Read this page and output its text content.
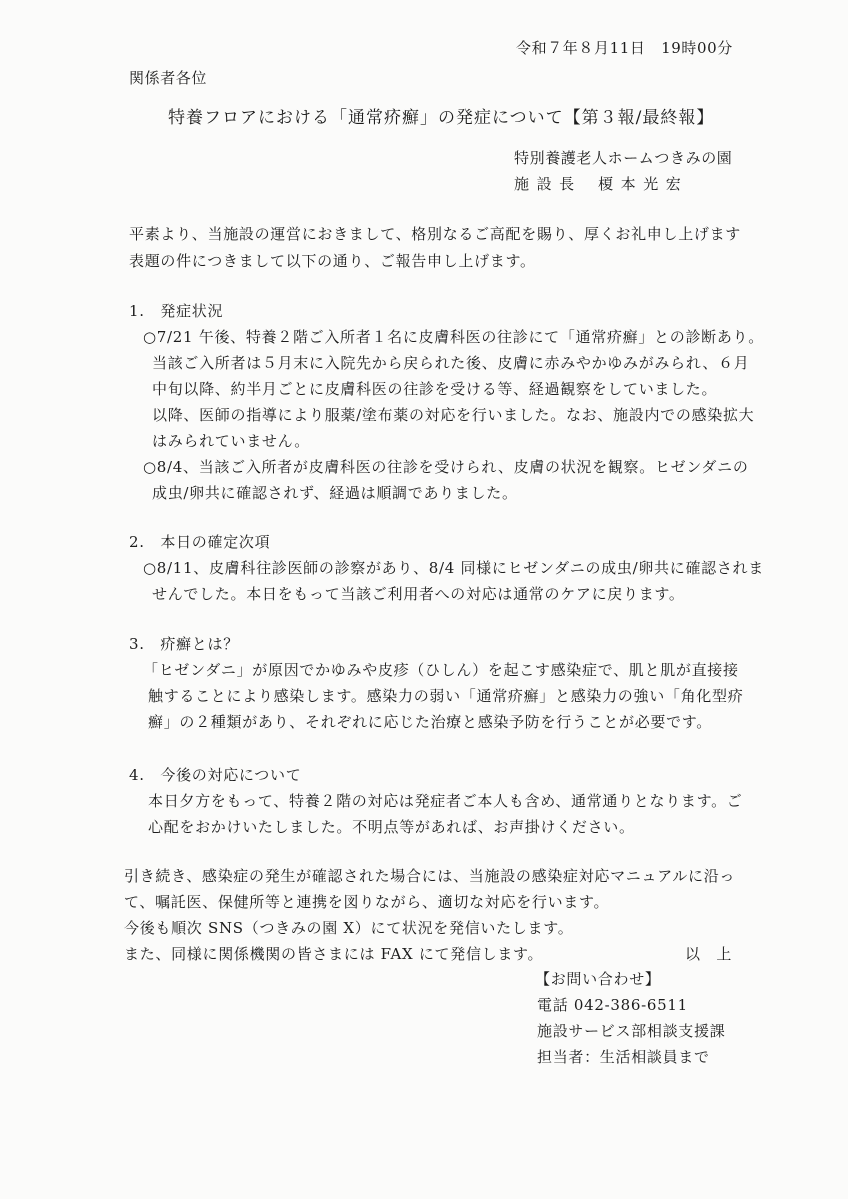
令和７年８月11日　19時00分
関係者各位
特養フロアにおける「通常疥癬」の発症について【第３報/最終報】
特別養護老人ホームつきみの園
施 設 長　 榎 本 光 宏
平素より、当施設の運営におきまして、格別なるご高配を賜り、厚くお礼申し上げます
表題の件につきまして以下の通り、ご報告申し上げます。
1.　発症状況
○7/21 午後、特養２階ご入所者１名に皮膚科医の往診にて「通常疥癬」との診断あり。
当該ご入所者は５月末に入院先から戻られた後、皮膚に赤みやかゆみがみられ、６月
中旬以降、約半月ごとに皮膚科医の往診を受ける等、経過観察をしていました。
以降、医師の指導により服薬/塗布薬の対応を行いました。なお、施設内での感染拡大
はみられていません。
○8/4、当該ご入所者が皮膚科医の往診を受けられ、皮膚の状況を観察。ヒゼンダニの
成虫/卵共に確認されず、経過は順調でありました。
2.　本日の確定次項
○8/11、皮膚科往診医師の診察があり、8/4 同様にヒゼンダニの成虫/卵共に確認されま
せんでした。本日をもって当該ご利用者への対応は通常のケアに戻ります。
3.　疥癬とは？
「ヒゼンダニ」が原因でかゆみや皮疹（ひしん）を起こす感染症で、肌と肌が直接接
触することにより感染します。感染力の弱い「通常疥癬」と感染力の強い「角化型疥
癬」の２種類があり、それぞれに応じた治療と感染予防を行うことが必要です。
4.　今後の対応について
本日夕方をもって、特養２階の対応は発症者ご本人も含め、通常通りとなります。ご
心配をおかけいたしました。不明点等があれば、お声掛けください。
引き続き、感染症の発生が確認された場合には、当施設の感染症対応マニュアルに沿っ
て、嘱託医、保健所等と連携を図りながら、適切な対応を行います。
今後も順次 SNS（つきみの園 X）にて状況を発信いたします。
また、同様に関係機関の皆さまには FAX にて発信します。	以　上
【お問い合わせ】
電話 042-386-6511
施設サービス部相談支援課
担当者：生活相談員まで
